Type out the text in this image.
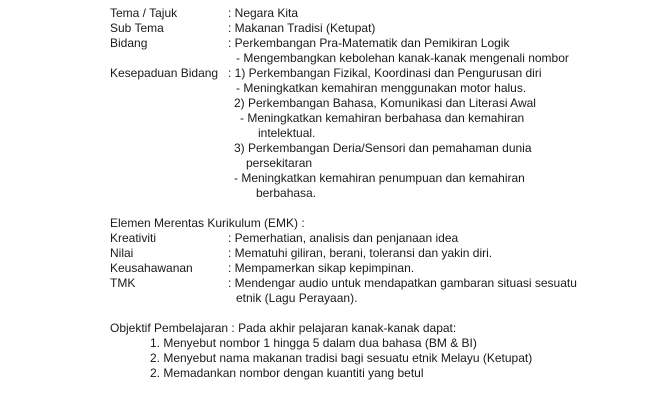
Tema / Tajuk	: Negara Kita
Sub Tema	: Makanan Tradisi (Ketupat)
Bidang	: Perkembangan Pra-Matematik dan Pemikiran Logik
- Mengembangkan kebolehan kanak-kanak mengenali nombor
Kesepaduan Bidang : 1) Perkembangan Fizikal, Koordinasi dan Pengurusan diri
- Meningkatkan kemahiran menggunakan motor halus.
2) Perkembangan Bahasa, Komunikasi dan Literasi Awal
- Meningkatkan kemahiran berbahasa dan kemahiran
intelektual.
3) Perkembangan Deria/Sensori dan pemahaman dunia
persekitaran
- Meningkatkan kemahiran penumpuan dan kemahiran
berbahasa.
Elemen Merentas Kurikulum (EMK) :
Kreativiti	: Pemerhatian, analisis dan penjanaan idea
Nilai	: Mematuhi giliran, berani, toleransi dan yakin diri.
Keusahawanan	: Mempamerkan sikap kepimpinan.
TMK	: Mendengar audio untuk mendapatkan gambaran situasi sesuatu
etnik (Lagu Perayaan).
Objektif Pembelajaran : Pada akhir pelajaran kanak-kanak dapat:
1. Menyebut nombor 1 hingga 5 dalam dua bahasa (BM & BI)
2. Menyebut nama makanan tradisi bagi sesuatu etnik Melayu (Ketupat)
2. Memadankan nombor dengan kuantiti yang betul
